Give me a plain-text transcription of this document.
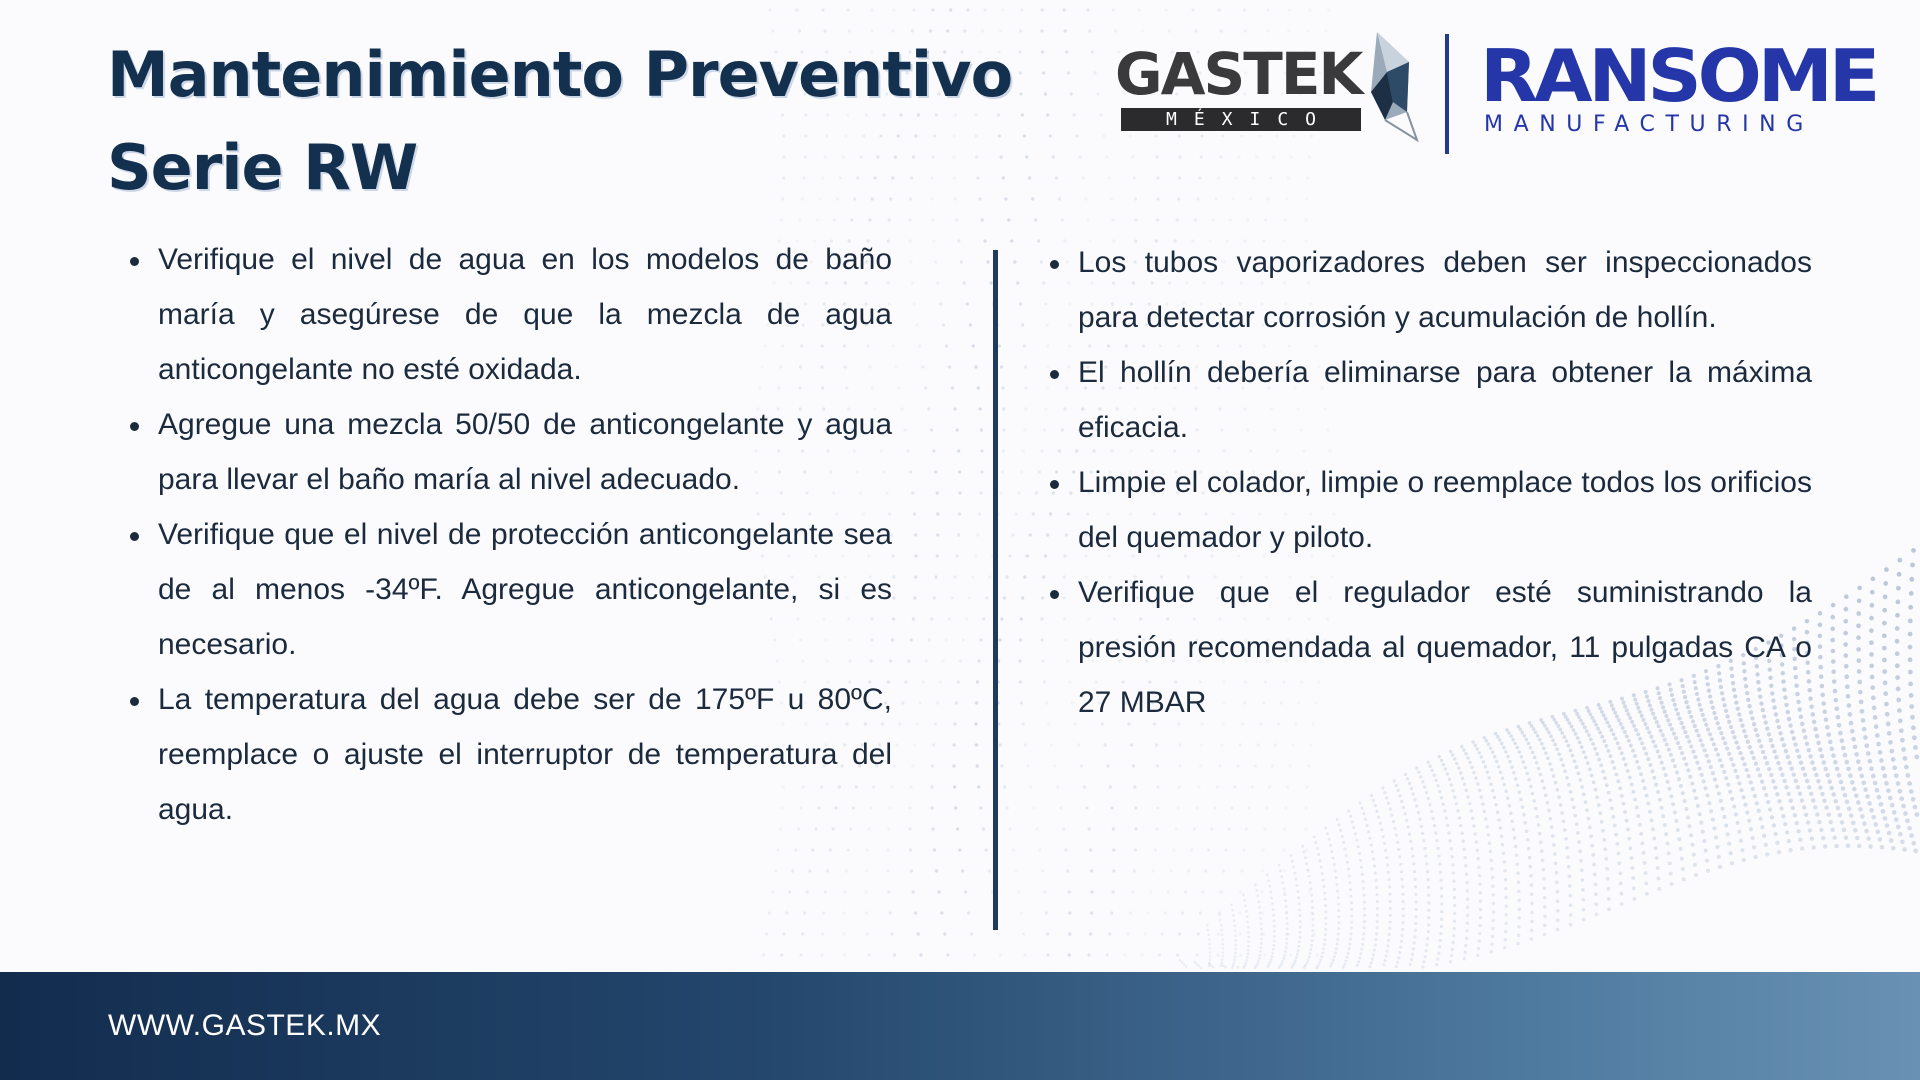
Mantenimiento Preventivo
Serie RW
GASTEK
MÉXICO
RANSOME
MANUFACTURING
Verifique el nivel de agua en los modelos de baño maría y asegúrese de que la mezcla de agua anticongelante no esté oxidada.
Agregue una mezcla 50/50 de anticongelante y agua para llevar el baño maría al nivel adecuado.
Verifique que el nivel de protección anticongelante sea de al menos -34ºF. Agregue anticongelante, si es necesario.
La temperatura del agua debe ser de 175ºF u 80ºC, reemplace o ajuste el interruptor de temperatura del agua.
Los tubos vaporizadores deben ser inspeccionados para detectar corrosión y acumulación de hollín.
El hollín debería eliminarse para obtener la máxima eficacia.
Limpie el colador, limpie o reemplace todos los orificios del quemador y piloto.
Verifique que el regulador esté suministrando la presión recomendada al quemador, 11 pulgadas CA o 27 MBAR
WWW.GASTEK.MX
